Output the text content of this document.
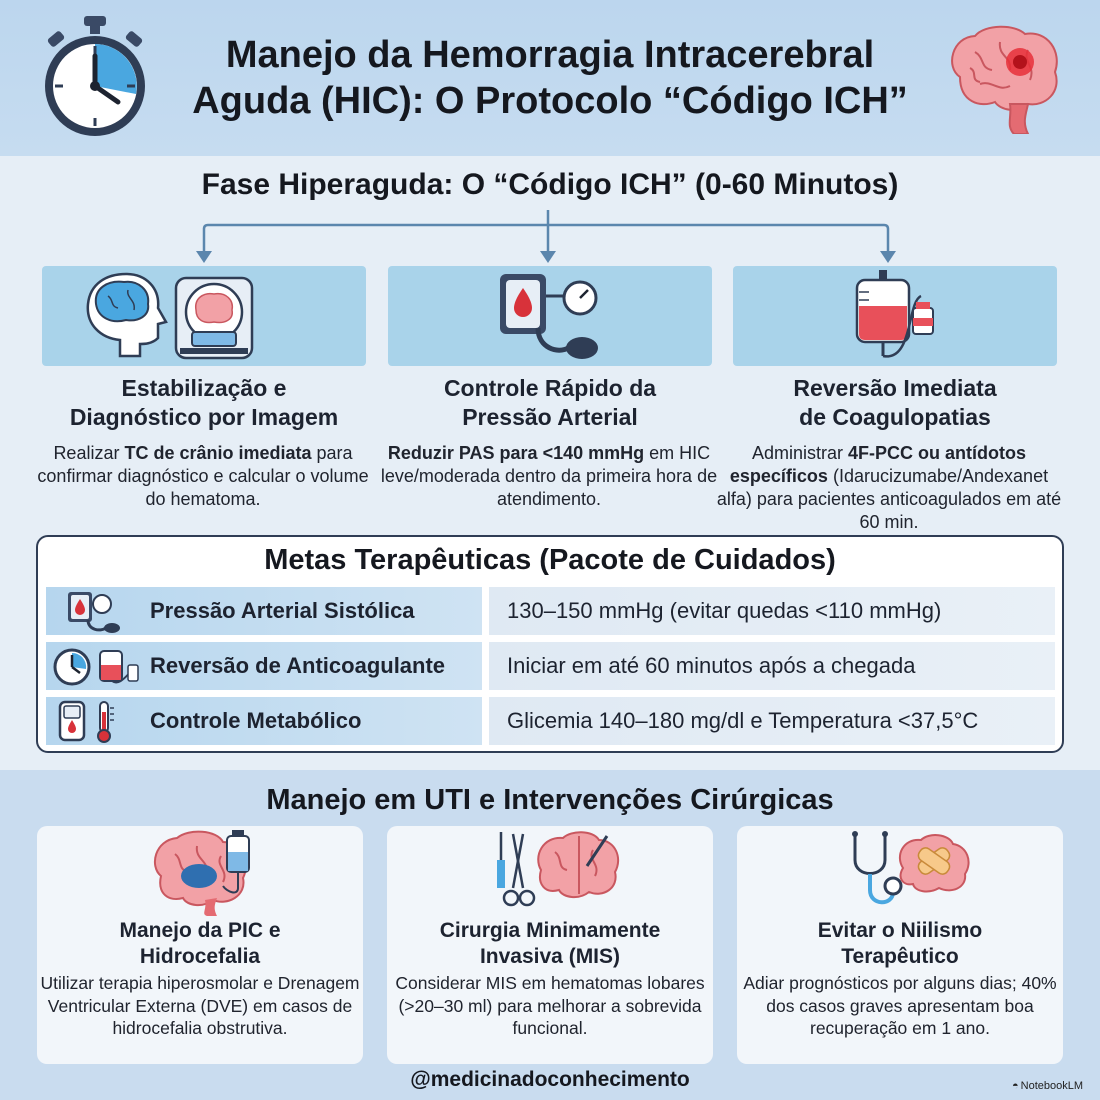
Manejo da Hemorragia Intracerebral
Aguda (HIC): O Protocolo “Código ICH”
Fase Hiperaguda: O “Código ICH” (0-60 Minutos)
Estabilização e
Diagnóstico por Imagem
Realizar TC de crânio imediata para confirmar diagnóstico e calcular o volume do hematoma.
Controle Rápido da
Pressão Arterial
Reduzir PAS para <140 mmHg em HIC leve/moderada dentro da primeira hora de atendimento.
Reversão Imediata
de Coagulopatias
Administrar 4F-PCC ou antídotos específicos (Idarucizumabe/Andexanet alfa) para pacientes anticoagulados em até 60 min.
Metas Terapêuticas (Pacote de Cuidados)
Pressão Arterial Sistólica	130–150 mmHg (evitar quedas <110 mmHg)
Reversão de Anticoagulante	Iniciar em até 60 minutos após a chegada
Controle Metabólico	Glicemia 140–180 mg/dl e Temperatura <37,5°C
Manejo em UTI e Intervenções Cirúrgicas
Manejo da PIC e
Hidrocefalia
Utilizar terapia hiperosmolar e Drenagem Ventricular Externa (DVE) em casos de hidrocefalia obstrutiva.
Cirurgia Minimamente
Invasiva (MIS)
Considerar MIS em hematomas lobares (>20–30 ml) para melhorar a sobrevida funcional.
Evitar o Niilismo
Terapêutico
Adiar prognósticos por alguns dias; 40% dos casos graves apresentam boa recuperação em 1 ano.
@medicinadoconhecimento	◓ NotebookLM
